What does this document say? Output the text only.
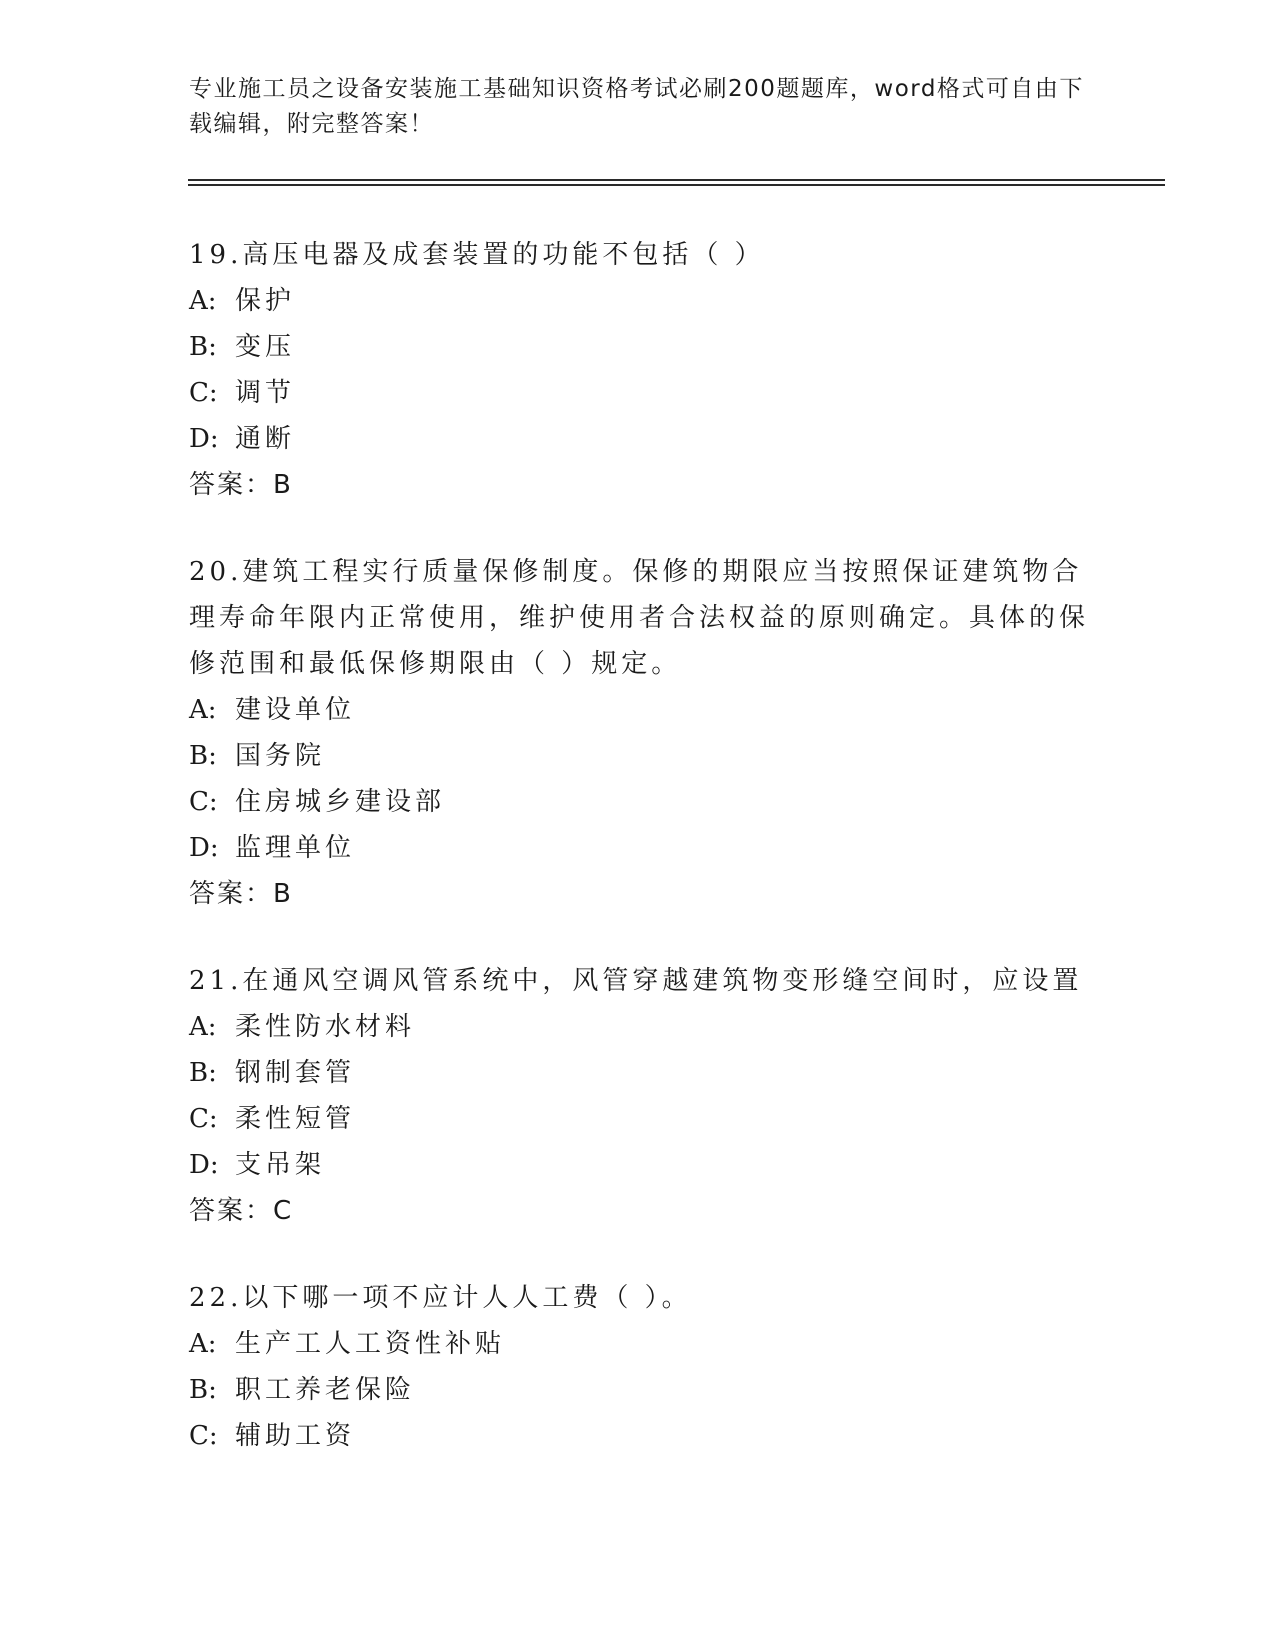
专业施工员之设备安装施工基础知识资格考试必刷200题题库，word格式可自由下载编辑，附完整答案！

19.高压电器及成套装置的功能不包括（ ）

A: 保护

B: 变压

C: 调节

D: 通断

答案：B

20.建筑工程实行质量保修制度。保修的期限应当按照保证建筑物合理寿命年限内正常使用，维护使用者合法权益的原则确定。具体的保修范围和最低保修期限由（ ）规定。

A: 建设单位

B: 国务院

C: 住房城乡建设部

D: 监理单位

答案：B

21.在通风空调风管系统中，风管穿越建筑物变形缝空间时，应设置

A: 柔性防水材料

B: 钢制套管

C: 柔性短管

D: 支吊架

答案：C

22.以下哪一项不应计人人工费（ ）。

A: 生产工人工资性补贴

B: 职工养老保险

C: 辅助工资
